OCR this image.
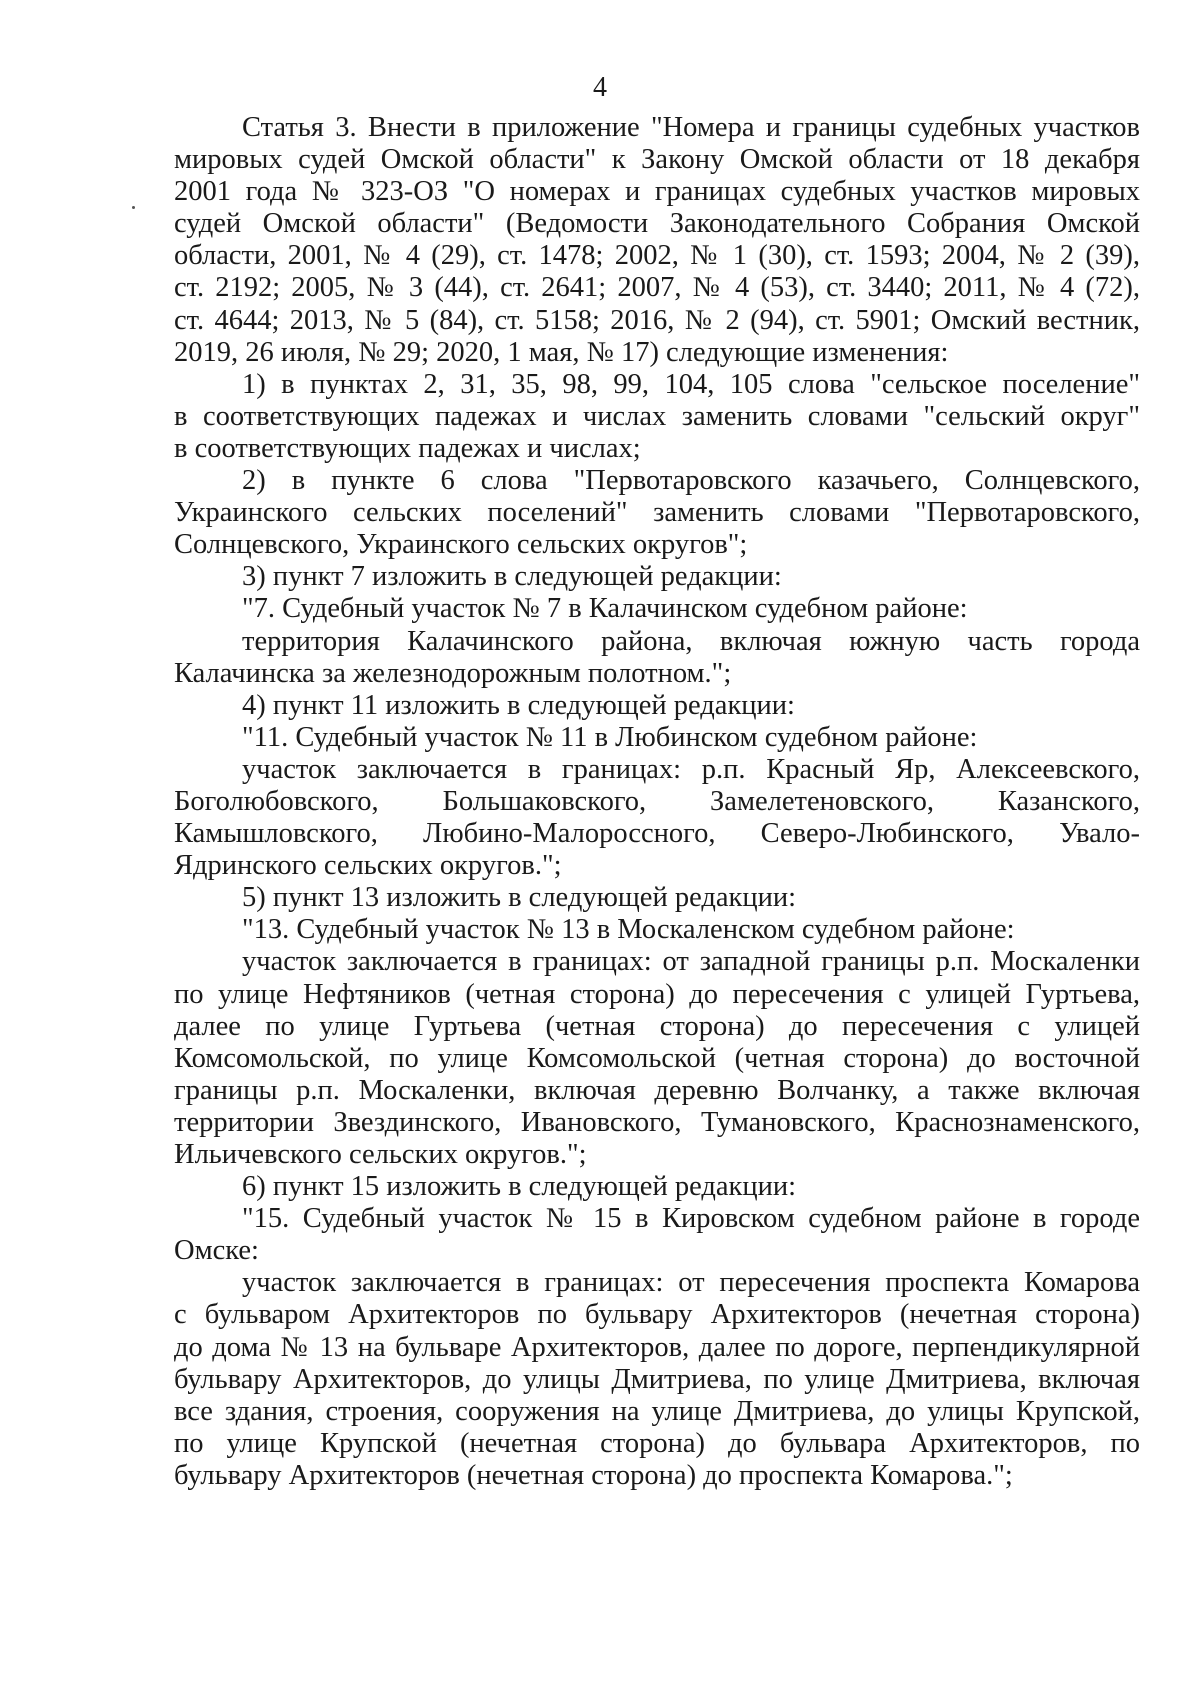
4
Статья 3. Внести в приложение "Номера и границы судебных участков
мировых судей Омской области" к Закону Омской области от 18 декабря
2001 года № 323-ОЗ "О номерах и границах судебных участков мировых
судей Омской области" (Ведомости Законодательного Собрания Омской
области, 2001, № 4 (29), ст. 1478; 2002, № 1 (30), ст. 1593; 2004, № 2 (39),
ст. 2192; 2005, № 3 (44), ст. 2641; 2007, № 4 (53), ст. 3440; 2011, № 4 (72),
ст. 4644; 2013, № 5 (84), ст. 5158; 2016, № 2 (94), ст. 5901; Омский вестник,
2019, 26 июля, № 29; 2020, 1 мая, № 17) следующие изменения:
1) в пунктах 2, 31, 35, 98, 99, 104, 105 слова "сельское поселение"
в соответствующих падежах и числах заменить словами "сельский округ"
в соответствующих падежах и числах;
2) в пункте 6 слова "Первотаровского казачьего, Солнцевского,
Украинского сельских поселений" заменить словами "Первотаровского,
Солнцевского, Украинского сельских округов";
3) пункт 7 изложить в следующей редакции:
"7. Судебный участок № 7 в Калачинском судебном районе:
территория Калачинского района, включая южную часть города
Калачинска за железнодорожным полотном.";
4) пункт 11 изложить в следующей редакции:
"11. Судебный участок № 11 в Любинском судебном районе:
участок заключается в границах: р.п. Красный Яр, Алексеевского,
Боголюбовского, Большаковского, Замелетеновского, Казанского,
Камышловского, Любино-Малороссного, Северо-Любинского, Увало-
Ядринского сельских округов.";
5) пункт 13 изложить в следующей редакции:
"13. Судебный участок № 13 в Москаленском судебном районе:
участок заключается в границах: от западной границы р.п. Москаленки
по улице Нефтяников (четная сторона) до пересечения с улицей Гуртьева,
далее по улице Гуртьева (четная сторона) до пересечения с улицей
Комсомольской, по улице Комсомольской (четная сторона) до восточной
границы р.п. Москаленки, включая деревню Волчанку, а также включая
территории Звездинского, Ивановского, Тумановского, Краснознаменского,
Ильичевского сельских округов.";
6) пункт 15 изложить в следующей редакции:
"15. Судебный участок № 15 в Кировском судебном районе в городе
Омске:
участок заключается в границах: от пересечения проспекта Комарова
с бульваром Архитекторов по бульвару Архитекторов (нечетная сторона)
до дома № 13 на бульваре Архитекторов, далее по дороге, перпендикулярной
бульвару Архитекторов, до улицы Дмитриева, по улице Дмитриева, включая
все здания, строения, сооружения на улице Дмитриева, до улицы Крупской,
по улице Крупской (нечетная сторона) до бульвара Архитекторов, по
бульвару Архитекторов (нечетная сторона) до проспекта Комарова.";
